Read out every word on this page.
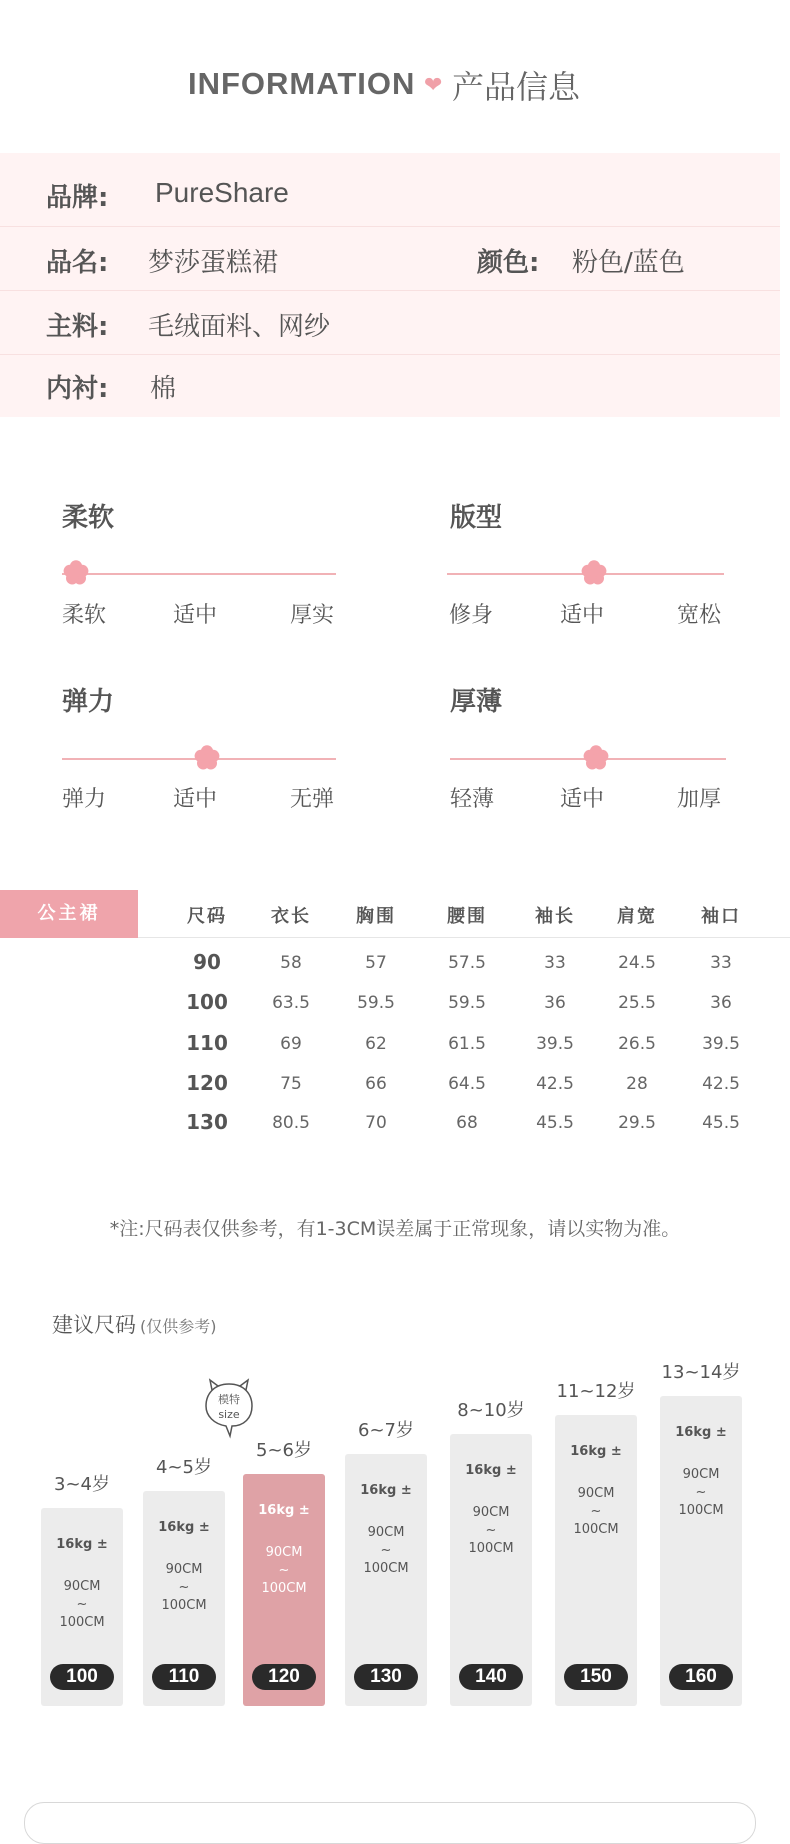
INFORMATION ❤ 产品信息
品牌: PureShare
品名: 梦莎蛋糕裙	颜色: 粉色/蓝色
主料: 毛绒面料、网纱
内衬: 棉
柔软
柔软	适中	厚实
版型
修身	适中	宽松
弹力
弹力	适中	无弹
厚薄
轻薄	适中	加厚
公主裙	尺码 衣长	胸围	腰围	袖长 肩宽 袖口
90	58	57	57.5	33	24.5	33
100	63.5	59.5	59.5	36	25.5	36
110	69	62	61.5	39.5	26.5	39.5
120	75	66	64.5	42.5	28	42.5
130	80.5	70	68	45.5	29.5	45.5
*注:尺码表仅供参考，有1-3CM误差属于正常现象，请以实物为准。
建议尺码 (仅供参考)
模特
size
3~4岁
16kg ±
90CM
~
100CM
100
4~5岁
16kg ±
90CM
~
100CM
110
5~6岁
16kg ±
90CM
~
100CM
120
6~7岁
16kg ±
90CM
~
100CM
130
8~10岁
16kg ±
90CM
~
100CM
140
11~12岁
16kg ±
90CM
~
100CM
150
13~14岁
16kg ±
90CM
~
100CM
160
